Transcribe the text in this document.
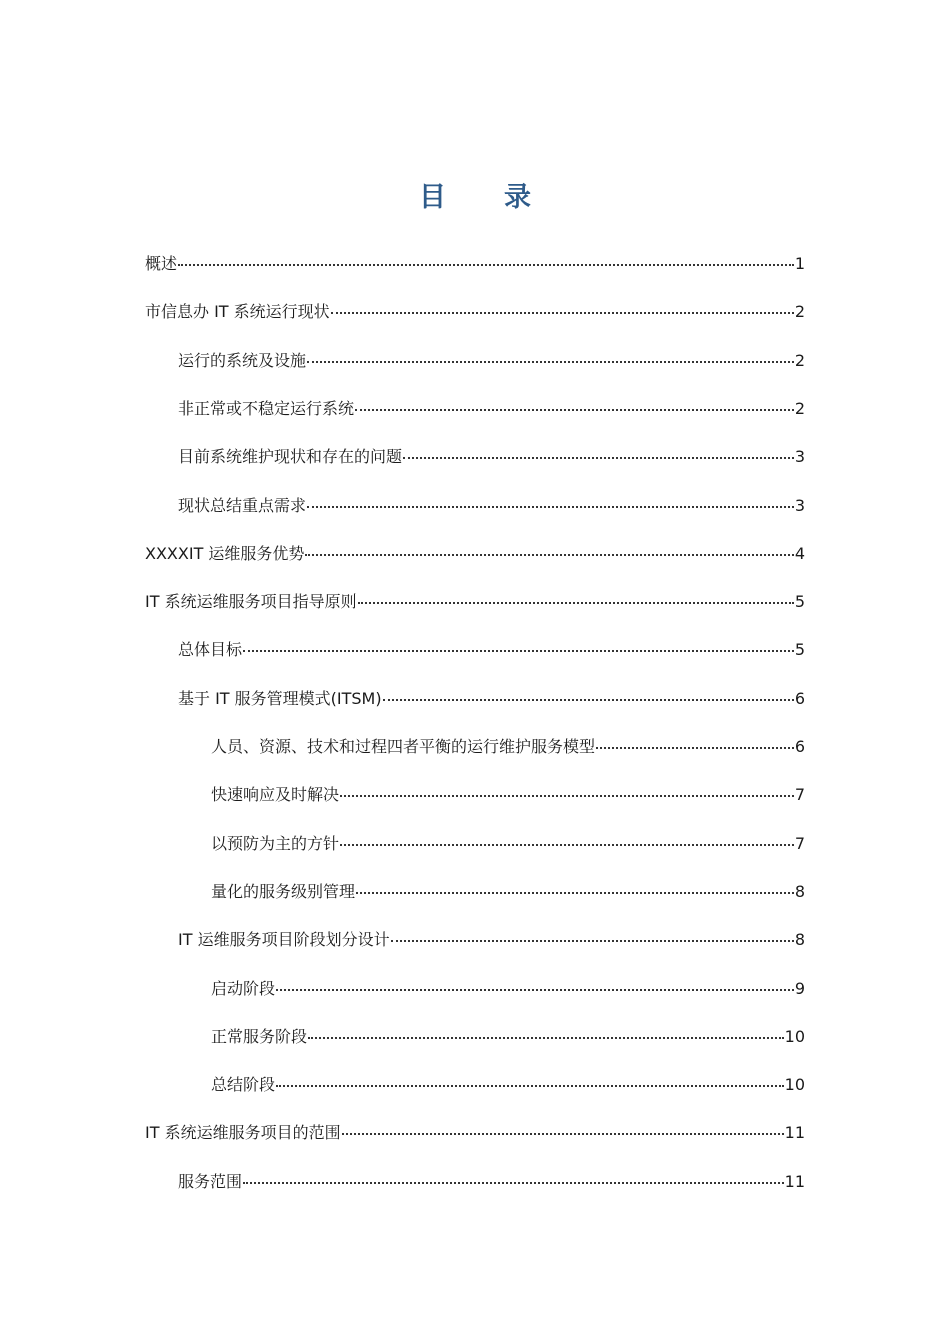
目 录
概述	1
市信息办 IT 系统运行现状	2
运行的系统及设施	2
非正常或不稳定运行系统	2
目前系统维护现状和存在的问题	3
现状总结重点需求	3
XXXXIT 运维服务优势	4
IT 系统运维服务项目指导原则	5
总体目标	5
基于 IT 服务管理模式(ITSM)	6
人员、资源、技术和过程四者平衡的运行维护服务模型	6
快速响应及时解决	7
以预防为主的方针	7
量化的服务级别管理	8
IT 运维服务项目阶段划分设计	8
启动阶段	9
正常服务阶段	10
总结阶段	10
IT 系统运维服务项目的范围	11
服务范围	11
